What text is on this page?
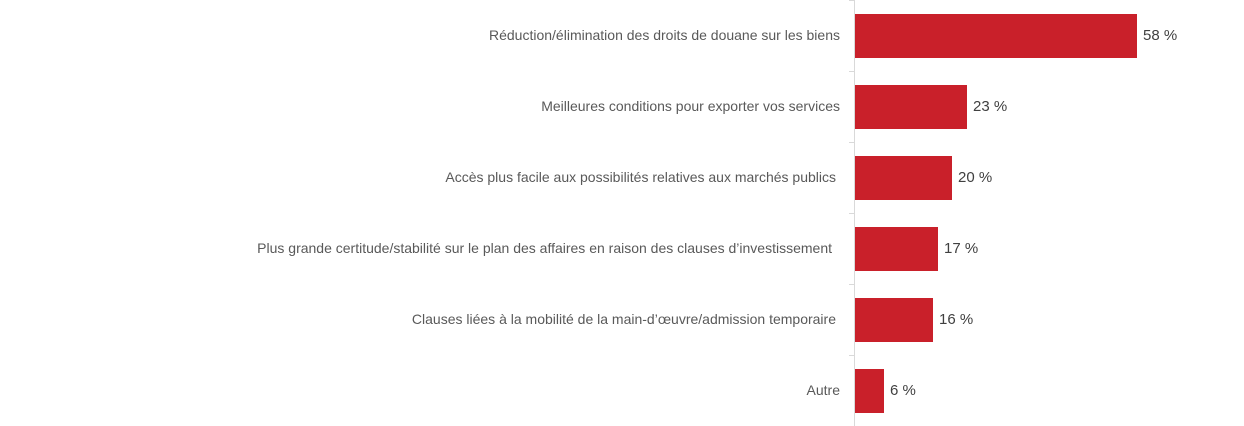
Réduction/élimination des droits de douane sur les biens	58 %
Meilleures conditions pour exporter vos services	23 %
Accès plus facile aux possibilités relatives aux marchés publics	20 %
Plus grande certitude/stabilité sur le plan des affaires en raison des clauses d’investissement	17 %
Clauses liées à la mobilité de la main-d’œuvre/admission temporaire	16 %
Autre	6 %
